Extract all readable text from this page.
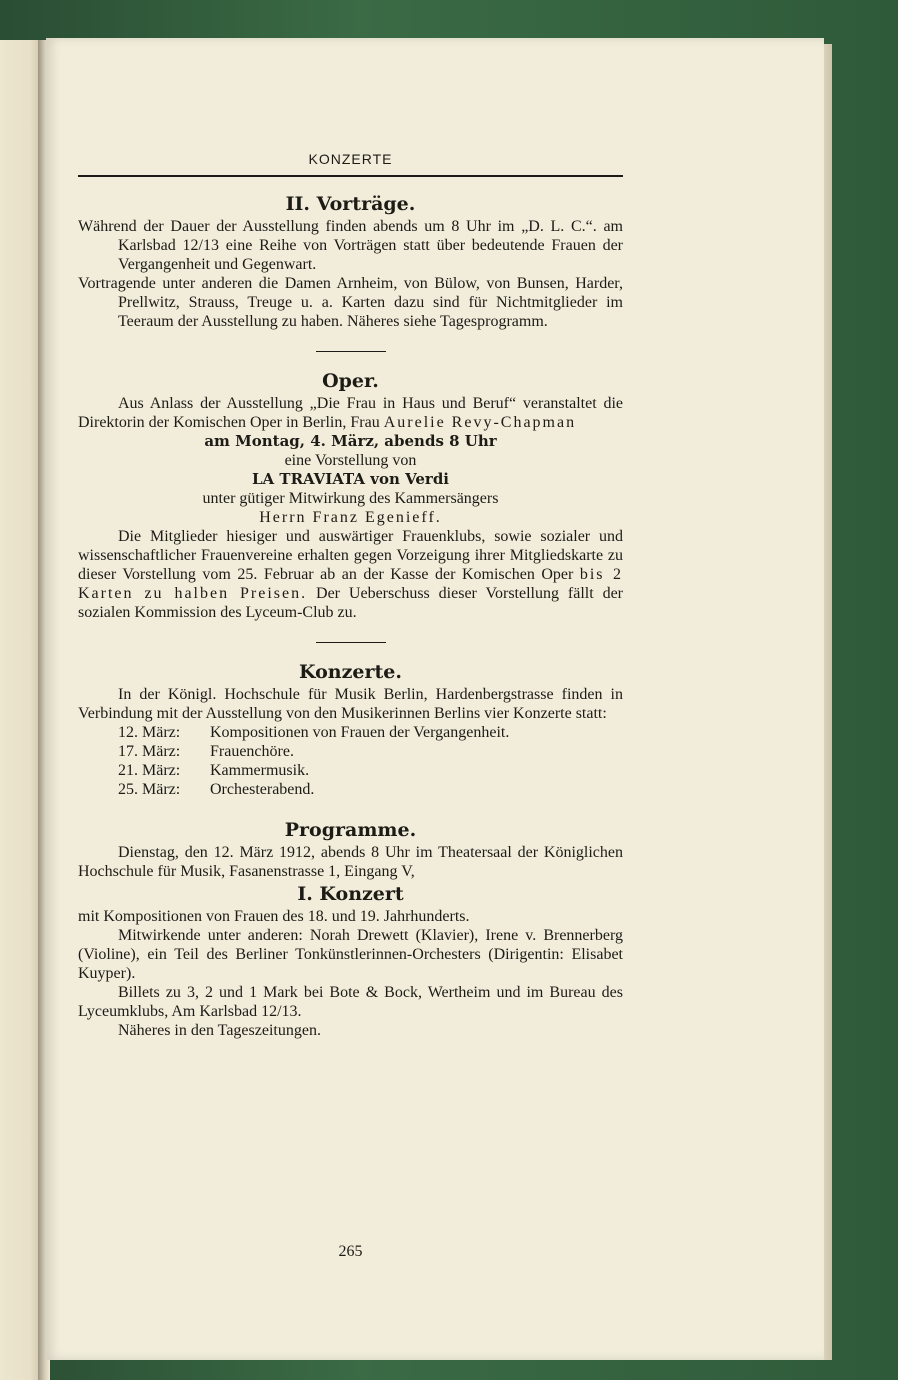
KONZERTE
II. Vorträge.

Während der Dauer der Ausstellung finden abends um 8 Uhr im „D. L. C.“. am Karlsbad 12/13 eine Reihe von Vorträgen statt über bedeutende Frauen der Vergangenheit und Gegenwart.

Vortragende unter anderen die Damen Arnheim, von Bülow, von Bunsen, Harder, Prellwitz, Strauss, Treuge u. a. Karten dazu sind für Nichtmitglieder im Teeraum der Ausstellung zu haben. Näheres siehe Tagesprogramm.

Oper.

Aus Anlass der Ausstellung „Die Frau in Haus und Beruf“ veranstaltet die Direktorin der Komischen Oper in Berlin, Frau Aurelie Revy-Chapman

am Montag, 4. März, abends 8 Uhr

eine Vorstellung von

LA TRAVIATA von Verdi

unter gütiger Mitwirkung des Kammersängers

Herrn Franz Egenieff.

Die Mitglieder hiesiger und auswärtiger Frauenklubs, sowie sozialer und wissenschaftlicher Frauenvereine erhalten gegen Vorzeigung ihrer Mitgliedskarte zu dieser Vorstellung vom 25. Februar ab an der Kasse der Komischen Oper bis 2 Karten zu halben Preisen. Der Ueberschuss dieser Vorstellung fällt der sozialen Kommission des Lyceum-Club zu.

Konzerte.

In der Königl. Hochschule für Musik Berlin, Hardenbergstrasse finden in Verbindung mit der Ausstellung von den Musikerinnen Berlins vier Konzerte statt:

12. März:	Kompositionen von Frauen der Vergangenheit.
17. März:	Frauenchöre.
21. März:	Kammermusik.
25. März:	Orchesterabend.
Programme.

Dienstag, den 12. März 1912, abends 8 Uhr im Theatersaal der Königlichen Hochschule für Musik, Fasanenstrasse 1, Eingang V,

I. Konzert

mit Kompositionen von Frauen des 18. und 19. Jahrhunderts.

Mitwirkende unter anderen: Norah Drewett (Klavier), Irene v. Brennerberg (Violine), ein Teil des Berliner Tonkünstlerinnen-Orchesters (Dirigentin: Elisabet Kuyper).

Billets zu 3, 2 und 1 Mark bei Bote & Bock, Wertheim und im Bureau des Lyceumklubs, Am Karlsbad 12/13.

Näheres in den Tageszeitungen.

265
